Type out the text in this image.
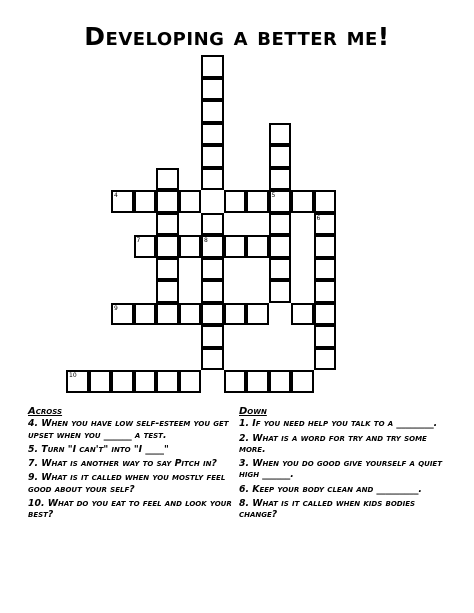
Developing a better me!
5
4
6
7	8
9
10
Across
4. When you have low self-esteem you get upset when you ______ a test.
5. Turn "I can't" into "I ____"
7. What is another way to say Pitch in?
9. What is it called when you mostly feel good about your self?
10. What do you eat to feel and look your best?
Down
1. If you need help you talk to a ________.
2. What is a word for try and try some more.
3. When you do good give yourself a quiet high ______.
6. Keep your body clean and _________.
8. What is it called when kids bodies change?
